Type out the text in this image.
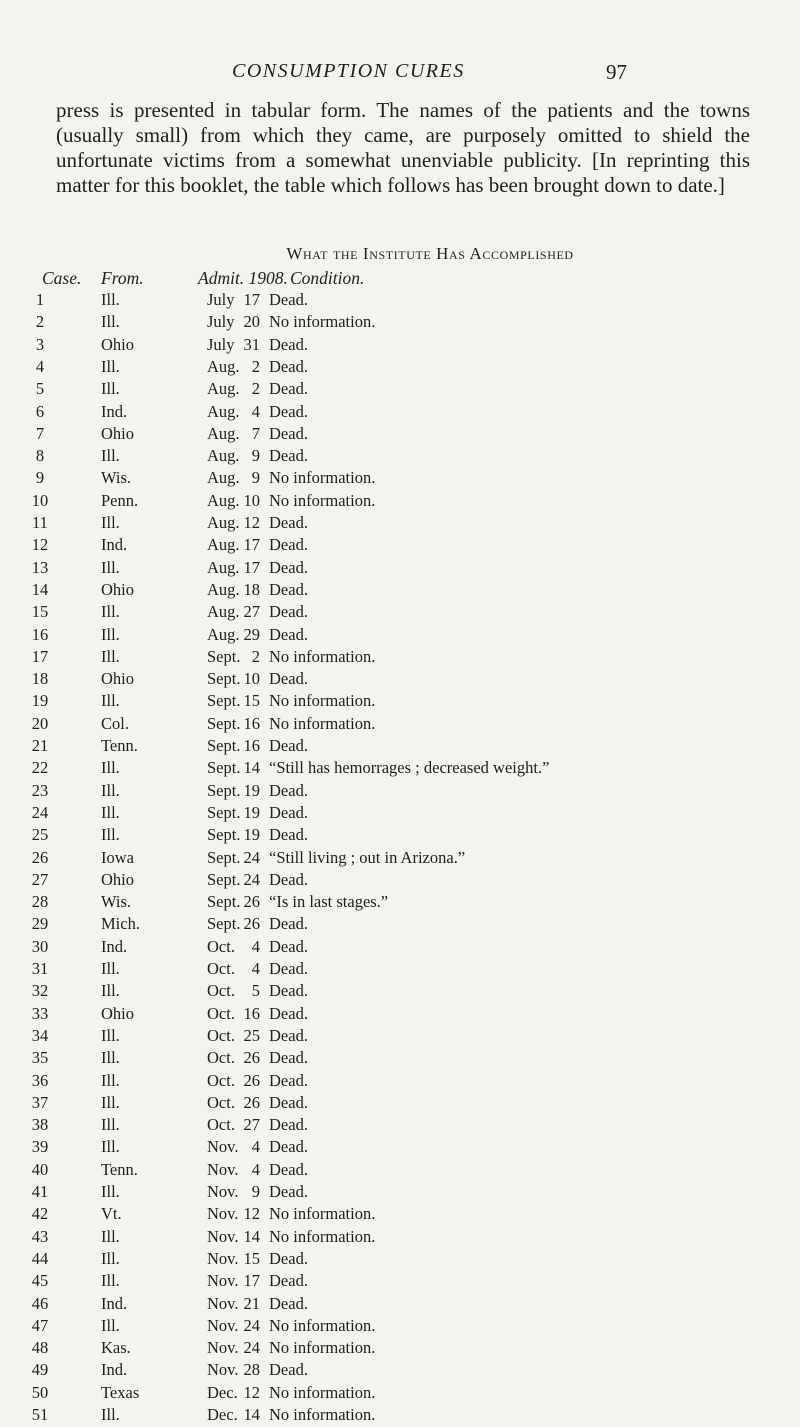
CONSUMPTION CURES	97
press is presented in tabular form. The names of the patients and the towns (usually small) from which they came, are purposely omitted to shield the unfortunate victims from a somewhat unenviable publicity. [In reprinting this matter for this booklet, the table which follows has been brought down to date.]
What the Institute Has Accomplished
Case. From.	Admit. 1908. Condition.
1	Ill.	July 17 Dead.
2	Ill.	July 20 No information.
3	Ohio	July 31 Dead.
4	Ill.	Aug. 2 Dead.
5	Ill.	Aug. 2 Dead.
6	Ind.	Aug. 4 Dead.
7	Ohio	Aug. 7 Dead.
8	Ill.	Aug. 9 Dead.
9	Wis.	Aug. 9 No information.
10	Penn.	Aug. 10 No information.
11	Ill.	Aug. 12 Dead.
12	Ind.	Aug. 17 Dead.
13	Ill.	Aug. 17 Dead.
14	Ohio	Aug. 18 Dead.
15	Ill.	Aug. 27 Dead.
16	Ill.	Aug. 29 Dead.
17	Ill.	Sept. 2 No information.
18	Ohio	Sept. 10 Dead.
19	Ill.	Sept. 15 No information.
20	Col.	Sept. 16 No information.
21	Tenn.	Sept. 16 Dead.
22	Ill.	Sept. 14 “Still has hemorrages ; decreased weight.”
23	Ill.	Sept. 19 Dead.
24	Ill.	Sept. 19 Dead.
25	Ill.	Sept. 19 Dead.
26	Iowa	Sept. 24 “Still living ; out in Arizona.”
27	Ohio	Sept. 24 Dead.
28	Wis.	Sept. 26 “Is in last stages.”
29	Mich.	Sept. 26 Dead.
30	Ind.	Oct.	4 Dead.
31	Ill.	Oct.	4 Dead.
32	Ill.	Oct.	5 Dead.
33	Ohio	Oct. 16 Dead.
34	Ill.	Oct. 25 Dead.
35	Ill.	Oct. 26 Dead.
36	Ill.	Oct. 26 Dead.
37	Ill.	Oct. 26 Dead.
38	Ill.	Oct. 27 Dead.
39	Ill.	Nov. 4 Dead.
40	Tenn.	Nov. 4 Dead.
41	Ill.	Nov. 9 Dead.
42	Vt.	Nov. 12 No information.
43	Ill.	Nov. 14 No information.
44	Ill.	Nov. 15 Dead.
45	Ill.	Nov. 17 Dead.
46	Ind.	Nov. 21 Dead.
47	Ill.	Nov. 24 No information.
48	Kas.	Nov. 24 No information.
49	Ind.	Nov. 28 Dead.
50	Texas	Dec. 12 No information.
51	Ill.	Dec. 14 No information.
